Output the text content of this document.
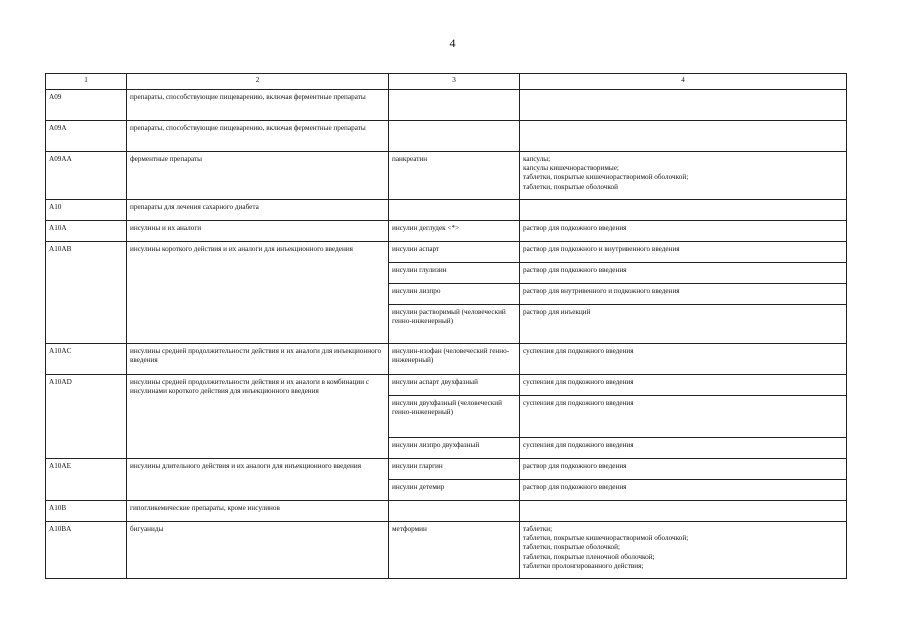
4
1	2	3	4
A09	препараты, способствующие пищеварению, включая ферментные препараты		
A09A	препараты, способствующие пищеварению, включая ферментные препараты		
A09AA	ферментные препараты	панкреатин	капсулы;
капсулы кишечнорастворимые;
таблетки, покрытые кишечнорастворимой оболочкой;
таблетки, покрытые оболочкой

A10	препараты для лечения сахарного диабета		
A10A	инсулины и их аналоги	инсулин деглудек <*>	раствор для подкожного введения

A10AB	инсулины короткого действия и их аналоги для инъекционного введения	инсулин аспарт	раствор для подкожного и внутривенного введения

		инсулин глулизин	раствор для подкожного введения

		инсулин лизпро	раствор для внутривенного и подкожного введения

		инсулин растворимый (человеческий генно-инженерный)	раствор для инъекций

A10AC	инсулины средней продолжительности действия и их аналоги для инъекционного введения	инсулин-изофан (человеческий генно-инженерный)	суспензия для подкожного введения

A10AD	инсулины средней продолжительности действия и их аналоги в комбинации с инсулинами короткого действия для инъекционного введения	инсулин аспарт двухфазный	суспензия для подкожного введения

		инсулин двухфазный (человеческий генно-инженерный)	суспензия для подкожного введения

		инсулин лизпро двухфазный	суспензия для подкожного введения

A10AE	инсулины длительного действия и их аналоги для инъекционного введения	инсулин гларгин	раствор для подкожного введения

		инсулин детемир	раствор для подкожного введения

A10B	гипогликемические препараты, кроме инсулинов		
A10BA	бигуаниды	метформин	таблетки;
таблетки, покрытые кишечнорастворимой оболочкой;
таблетки, покрытые оболочкой;
таблетки, покрытые пленочной оболочкой;
таблетки пролонгированного действия;
